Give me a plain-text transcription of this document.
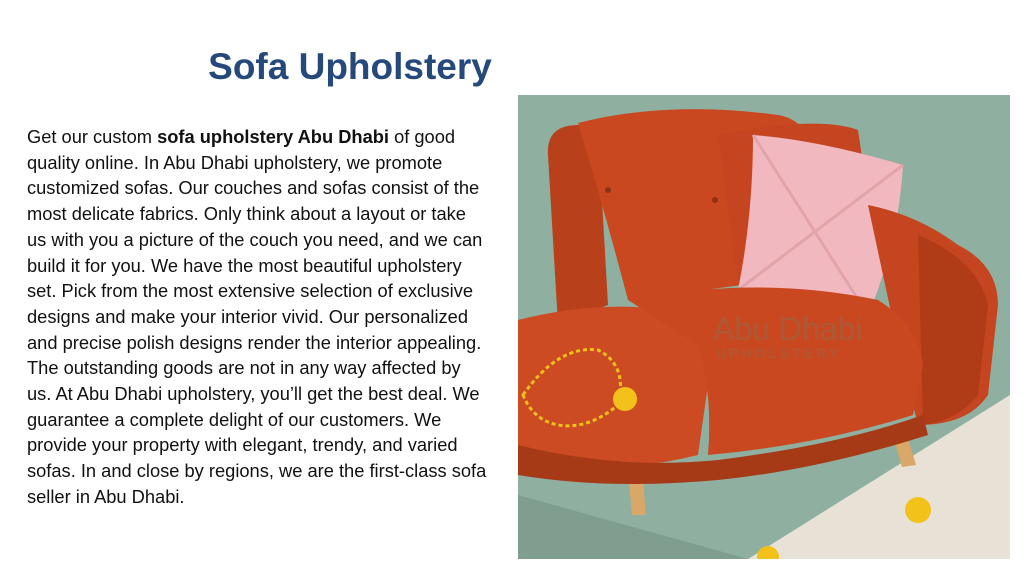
Sofa Upholstery

Get our custom sofa upholstery Abu Dhabi of good quality online. In Abu Dhabi upholstery, we promote customized sofas. Our couches and sofas consist of the most delicate fabrics. Only think about a layout or take us with you a picture of the couch you need, and we can build it for you. We have the most beautiful upholstery set. Pick from the most extensive selection of exclusive designs and make your interior vivid. Our personalized and precise polish designs render the interior appealing. The outstanding goods are not in any way affected by us. At Abu Dhabi upholstery, you’ll get the best deal. We guarantee a complete delight of our customers. We provide your property with elegant, trendy, and varied sofas. In and close by regions, we are the first-class sofa seller in Abu Dhabi.

Abu Dhabi
UPHOLSTERY
